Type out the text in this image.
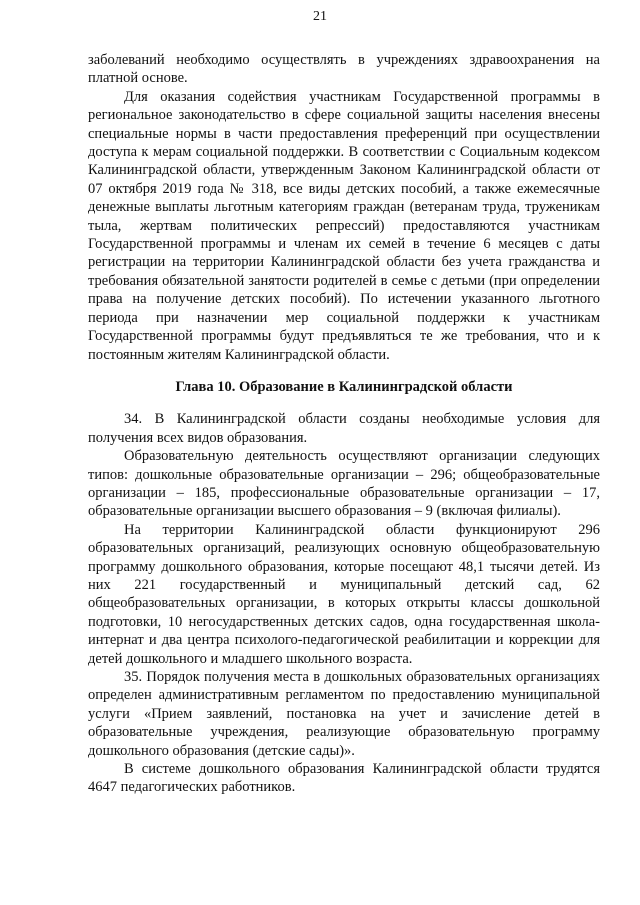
21

заболеваний необходимо осуществлять в учреждениях здравоохранения на платной основе.

Для оказания содействия участникам Государственной программы в региональное законодательство в сфере социальной защиты населения внесены специальные нормы в части предоставления преференций при осуществлении доступа к мерам социальной поддержки. В соответствии с Социальным кодексом Калининградской области, утвержденным Законом Калининградской области от 07 октября 2019 года № 318, все виды детских пособий, а также ежемесячные денежные выплаты льготным категориям граждан (ветеранам труда, труженикам тыла, жертвам политических репрессий) предоставляются участникам Государственной программы и членам их семей в течение 6 месяцев с даты регистрации на территории Калининградской области без учета гражданства и требования обязательной занятости родителей в семье с детьми (при определении права на получение детских пособий). По истечении указанного льготного периода при назначении мер социальной поддержки к участникам Государственной программы будут предъявляться те же требования, что и к постоянным жителям Калининградской области.

Глава 10. Образование в Калининградской области

34. В Калининградской области созданы необходимые условия для получения всех видов образования.

Образовательную деятельность осуществляют организации следующих типов: дошкольные образовательные организации – 296; общеобразовательные организации – 185, профессиональные образовательные организации – 17, образовательные организации высшего образования – 9 (включая филиалы).

На территории Калининградской области функционируют 296 образовательных организаций, реализующих основную общеобразовательную программу дошкольного образования, которые посещают 48,1 тысячи детей. Из них 221 государственный и муниципальный детский сад, 62 общеобразовательных организации, в которых открыты классы дошкольной подготовки, 10 негосударственных детских садов, одна государственная школа-интернат и два центра психолого-педагогической реабилитации и коррекции для детей дошкольного и младшего школьного возраста.

35. Порядок получения места в дошкольных образовательных организациях определен административным регламентом по предоставлению муниципальной услуги «Прием заявлений, постановка на учет и зачисление детей в образовательные учреждения, реализующие образовательную программу дошкольного образования (детские сады)».

В системе дошкольного образования Калининградской области трудятся 4647 педагогических работников.
